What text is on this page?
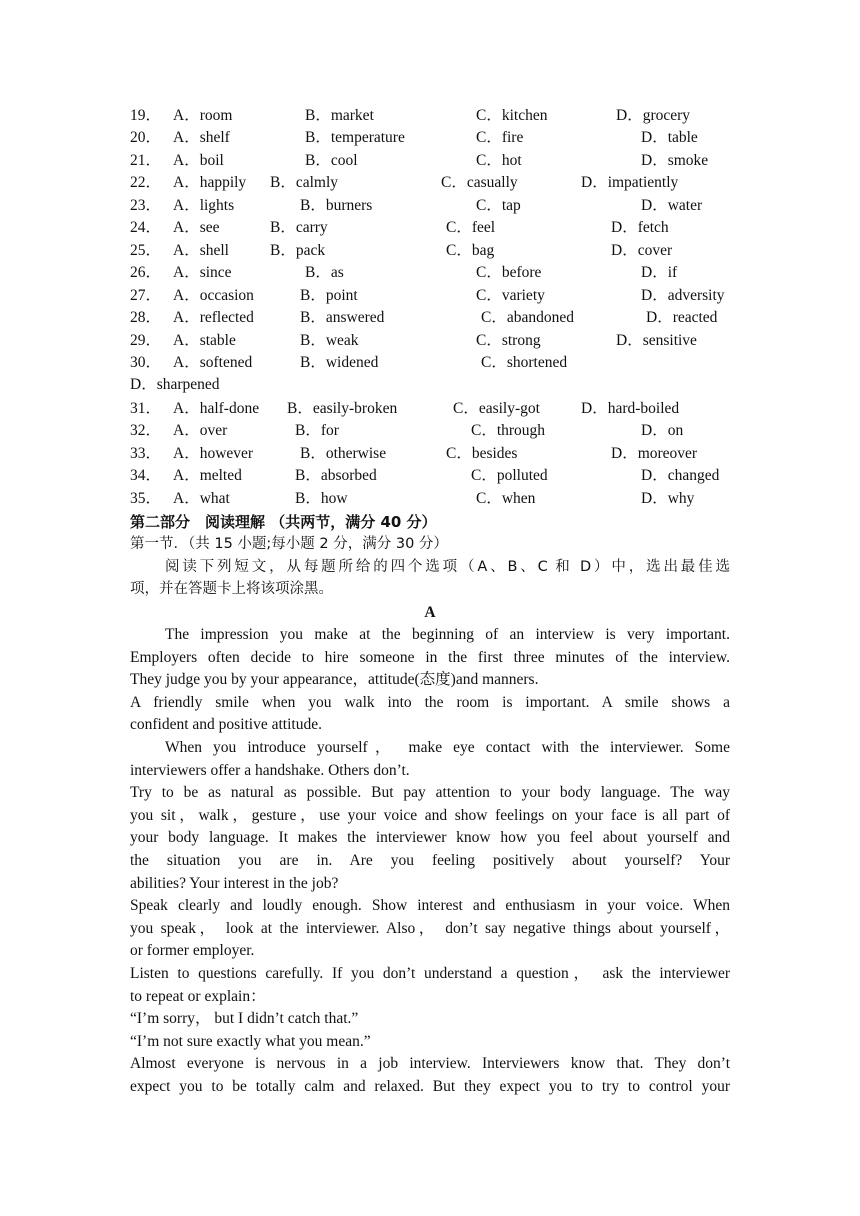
19． A．room	B．market	C．kitchen	D．grocery
20． A．shelf	B．temperature	C．fire	D．table
21． A．boil	B．cool	C．hot	D．smoke
22． A．happily B．calmly	C．casually	D．impatiently
23． A．lights	B．burners	C．tap	D．water
24． A．see	B．carry	C．feel	D．fetch
25． A．shell	B．pack	C．bag	D．cover
26． A．since	B．as	C．before	D．if
27． A．occasion	B．point	C．variety	D．adversity
28． A．reflected	B．answered	C．abandoned	D．reacted
29． A．stable	B．weak	C．strong	D．sensitive
30． A．softened	B．widened	C．shortened
D．sharpened
31． A．half-done B．easily-broken	C．easily-got	D．hard-boiled
32． A．over	B．for	C．through	D．on
33． A．however	B．otherwise	C．besides	D．moreover
34． A．melted	B．absorbed	C．polluted	D．changed
35． A．what	B．how	C．when	D．why
第二部分　阅读理解 （共两节，满分 40 分）
第一节．（共 15 小题;每小题 2 分，满分 30 分）
阅读下列短文，从每题所给的四个选项（A、B、C 和 D）中，选出最佳选
项，并在答题卡上将该项涂黑。
A
The impression you make at the beginning of an interview is very important.
Employers often decide to hire someone in the first three minutes of the interview.
They judge you by your appearance，attitude(态度)and manners.
A friendly smile when you walk into the room is important. A smile shows a
confident and positive attitude.
When you introduce yourself， make eye contact with the interviewer. Some
interviewers offer a handshake. Others don’t.
Try to be as natural as possible. But pay attention to your body language. The way
you sit，walk，gesture，use your voice and show feelings on your face is all part of
your body language. It makes the interviewer know how you feel about yourself and
the situation you are in. Are you feeling positively about yourself? Your
abilities? Your interest in the job?
Speak clearly and loudly enough. Show interest and enthusiasm in your voice. When
you speak， look at the interviewer. Also， don’t say negative things about yourself，
or former employer.
Listen to questions carefully. If you don’t understand a question， ask the interviewer
to repeat or explain：
“I’m sorry， but I didn’t catch that.”
“I’m not sure exactly what you mean.”
Almost everyone is nervous in a job interview. Interviewers know that. They don’t
expect you to be totally calm and relaxed. But they expect you to try to control your
